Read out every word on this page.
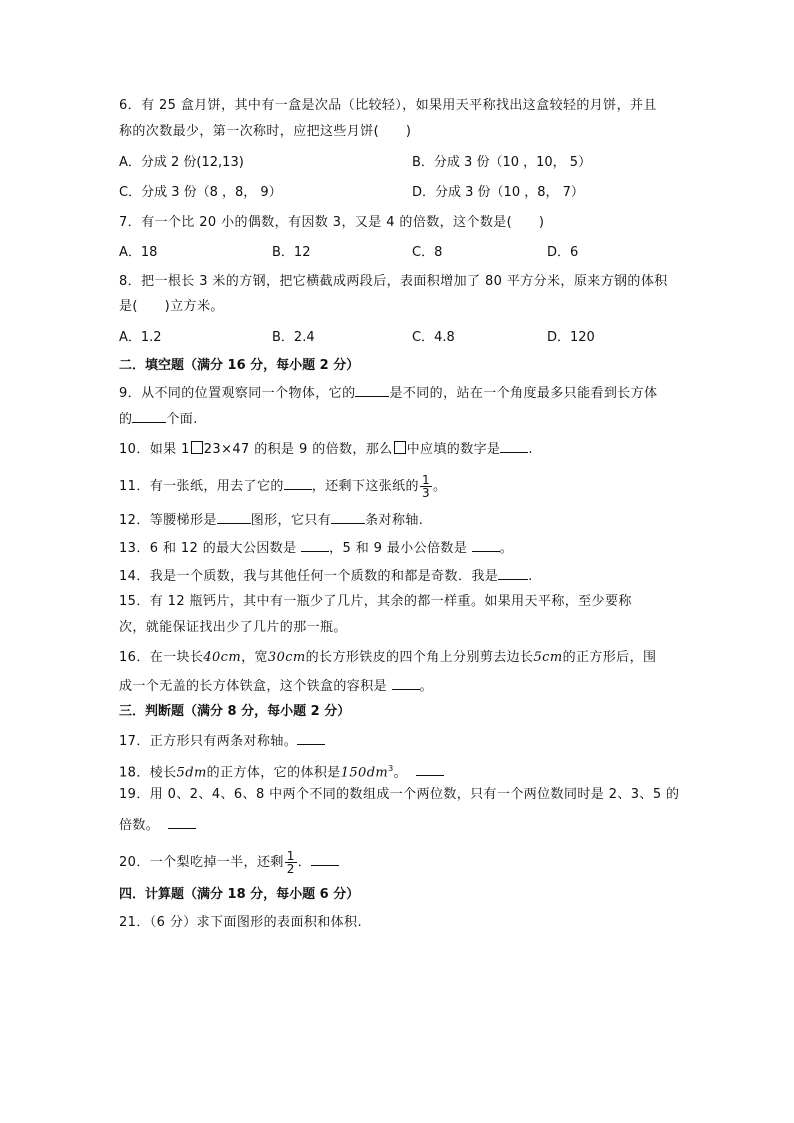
6．有 25 盒月饼，其中有一盒是次品（比较轻），如果用天平称找出这盒较轻的月饼，并且
称的次数最少，第一次称时，应把这些月饼(　　)
A．分成 2 份(12,13)	B．分成 3 份（10 ，10， 5）
C．分成 3 份（8 ，8， 9）	D．分成 3 份（10 ，8， 7）
7．有一个比 20 小的偶数，有因数 3，又是 4 的倍数，这个数是(　　)
A．18	B．12	C．8	D．6
8．把一根长 3 米的方钢，把它横截成两段后，表面积增加了 80 平方分米，原来方钢的体积
是(　　)立方米。
A．1.2	B．2.4	C．4.8	D．120
二．填空题（满分 16 分，每小题 2 分）
9．从不同的位置观察同一个物体，它的	是不同的，站在一个角度最多只能看到长方体
的	个面.
10．如果 1 23×47 的积是 9 的倍数，那么 中应填的数字是 .
11．有一张纸，用去了它的 ，还剩下这张纸的 $\frac{1}{3}$ 。
12．等腰梯形是	图形，它只有	条对称轴.
13．6 和 12 的最大公因数是 ，5 和 9 最小公倍数是 。
14．我是一个质数，我与其他任何一个质数的和都是奇数．我是 .
15．有 12 瓶钙片，其中有一瓶少了几片，其余的都一样重。如果用天平称，至少要称
次，就能保证找出少了几片的那一瓶。
16．在一块长40cm，宽30cm的长方形铁皮的四个角上分别剪去边长5cm的正方形后，围
成一个无盖的长方体铁盒，这个铁盒的容积是 。
三．判断题（满分 8 分，每小题 2 分）
17．正方形只有两条对称轴。
18．棱长5dm的正方体，它的体积是$150dm^3$。
19．用 0、2、4、6、8 中两个不同的数组成一个两位数，只有一个两位数同时是 2、3、5 的
倍数。
20．一个梨吃掉一半，还剩 $\frac{1}{2}$ ．
四．计算题（满分 18 分，每小题 6 分）
21．（6 分）求下面图形的表面积和体积.
